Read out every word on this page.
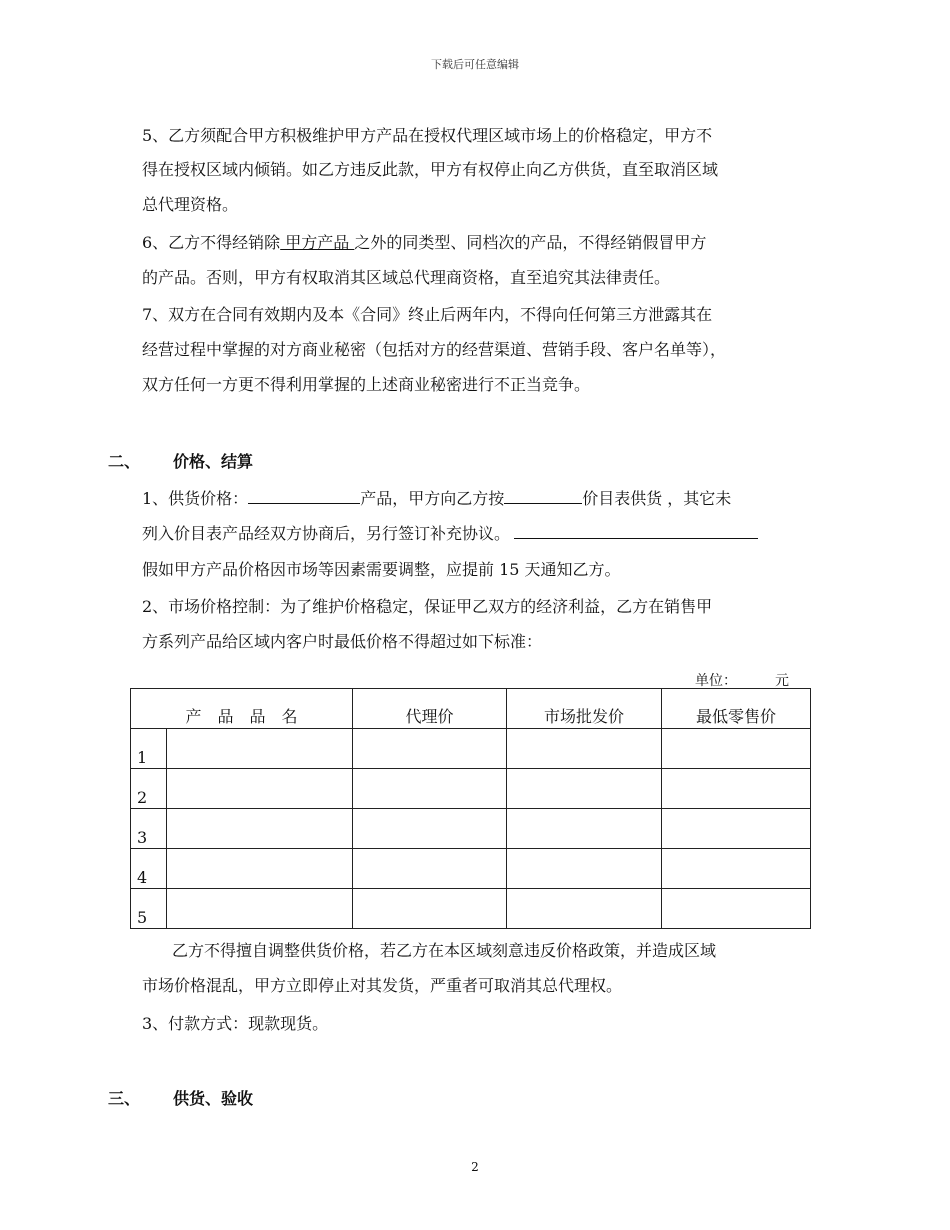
下载后可任意编辑
5、乙方须配合甲方积极维护甲方产品在授权代理区域市场上的价格稳定，甲方不
得在授权区域内倾销。如乙方违反此款，甲方有权停止向乙方供货，直至取消区域
总代理资格。
6、乙方不得经销除 甲方产品 之外的同类型、同档次的产品，不得经销假冒甲方
的产品。否则，甲方有权取消其区域总代理商资格，直至追究其法律责任。
7、双方在合同有效期内及本《合同》终止后两年内，不得向任何第三方泄露其在
经营过程中掌握的对方商业秘密（包括对方的经营渠道、营销手段、客户名单等），
双方任何一方更不得利用掌握的上述商业秘密进行不正当竞争。
二、 价格、结算
1、供货价格：	产品，甲方向乙方按	价目表供货 ，其它未
列入价目表产品经双方协商后，另行签订补充协议。
假如甲方产品价格因市场等因素需要调整，应提前 15 天通知乙方。
2、市场价格控制：为了维护价格稳定，保证甲乙双方的经济利益，乙方在销售甲
方系列产品给区域内客户时最低价格不得超过如下标准：
单位：	元
产　品　品　名		代理价	市场批发价	最低零售价
1				
2				
3				
4				
5				
乙方不得擅自调整供货价格，若乙方在本区域刻意违反价格政策，并造成区域
市场价格混乱，甲方立即停止对其发货，严重者可取消其总代理权。
3、付款方式：现款现货。
三、 供货、验收
2
